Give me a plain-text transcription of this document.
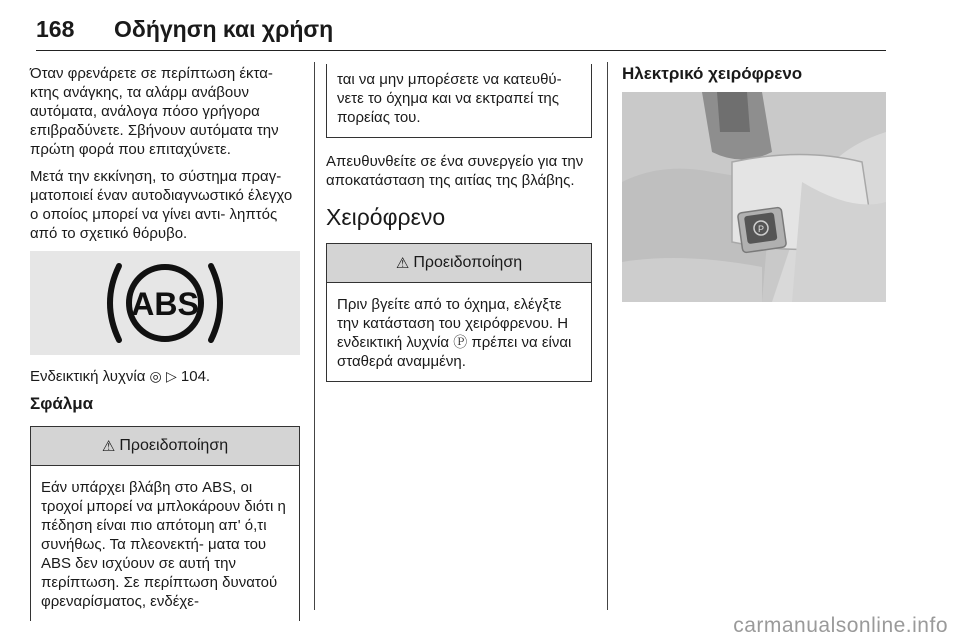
168 Οδήγηση και χρήση

Όταν φρενάρετε σε περίπτωση έκτα- κτης ανάγκης, τα αλάρμ ανάβουν αυτόματα, ανάλογα πόσο γρήγορα επιβραδύνετε. Σβήνουν αυτόματα την πρώτη φορά που επιταχύνετε.

Μετά την εκκίνηση, το σύστημα πραγ- ματοποιεί έναν αυτοδιαγνωστικό έλεγχο ο οποίος μπορεί να γίνει αντι- ληπτός από το σχετικό θόρυβο.

ABS

Ενδεικτική λυχνία ◎ ▷ 104.

Σφάλμα
⚠ Προειδοποίηση

Εάν υπάρχει βλάβη στο ABS, οι τροχοί μπορεί να μπλοκάρουν διότι η πέδηση είναι πιο απότομη απ' ό,τι συνήθως. Τα πλεονεκτή- ματα του ABS δεν ισχύουν σε αυτή την περίπτωση. Σε περίπτωση δυνατού φρεναρίσματος, ενδέχε-

ται να μην μπορέσετε να κατευθύ- νετε το όχημα και να εκτραπεί της πορείας του.

Απευθυνθείτε σε ένα συνεργείο για την αποκατάσταση της αιτίας της βλάβης.

Χειρόφρενο
⚠ Προειδοποίηση

Πριν βγείτε από το όχημα, ελέγξτε την κατάσταση του χειρόφρενου. Η ενδεικτική λυχνία Ⓟ πρέπει να είναι σταθερά αναμμένη.

Ηλεκτρικό χειρόφρενο
P
carmanualsonline.info
